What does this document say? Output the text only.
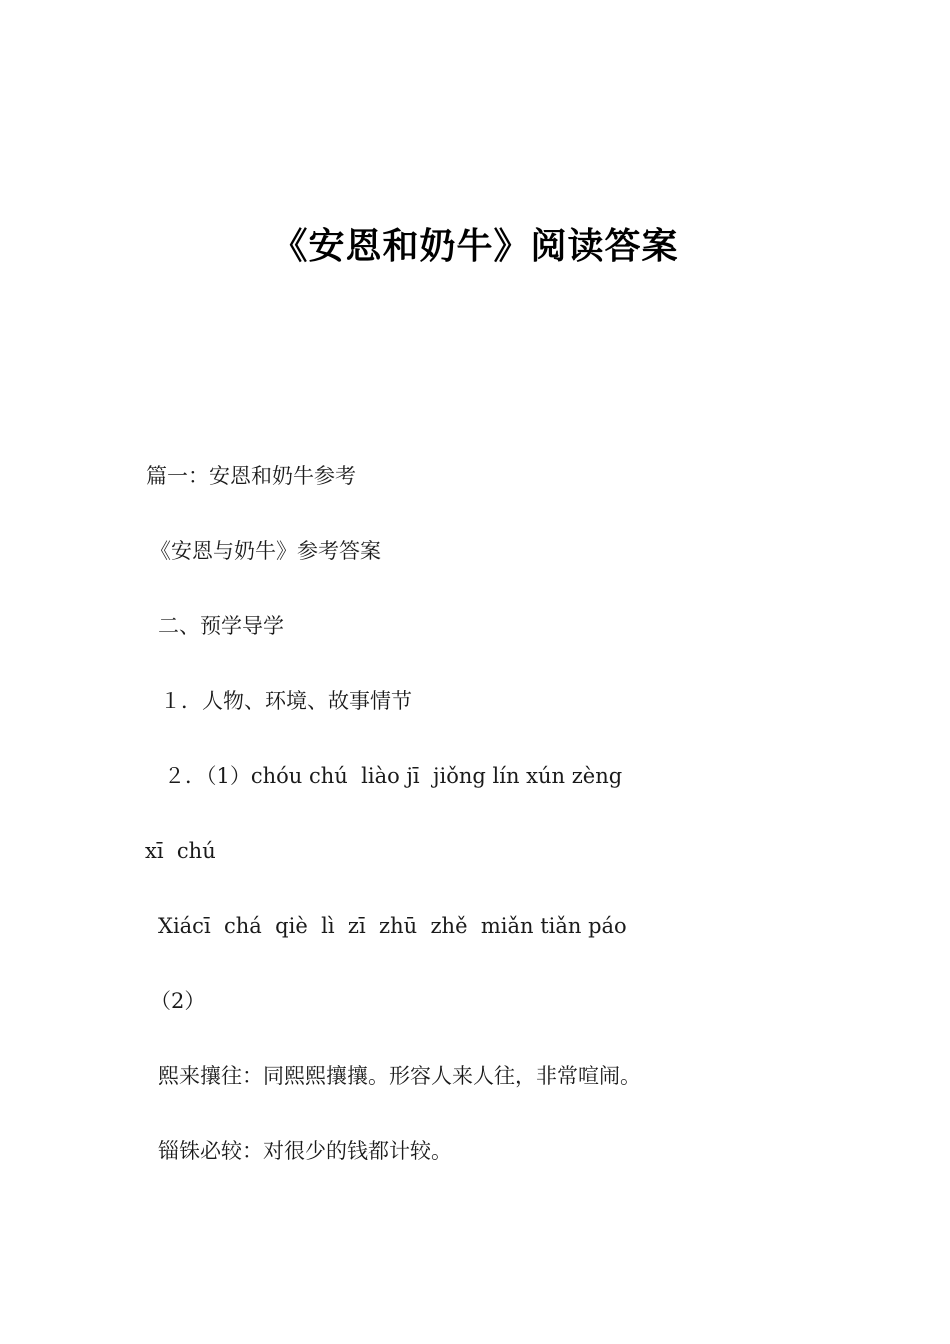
《安恩和奶牛》阅读答案
篇一：安恩和奶牛参考
《安恩与奶牛》参考答案
二、预学导学
１．人物、环境、故事情节
２．（1）chóu chú  liào jī  jiǒng lín xún zèng
xī  chú
Xiácī  chá  qiè  lì  zī  zhū  zhě  miǎn tiǎn páo
（2）
熙来攘往：同熙熙攘攘。形容人来人往，非常喧闹。
锱铢必较：对很少的钱都计较。
